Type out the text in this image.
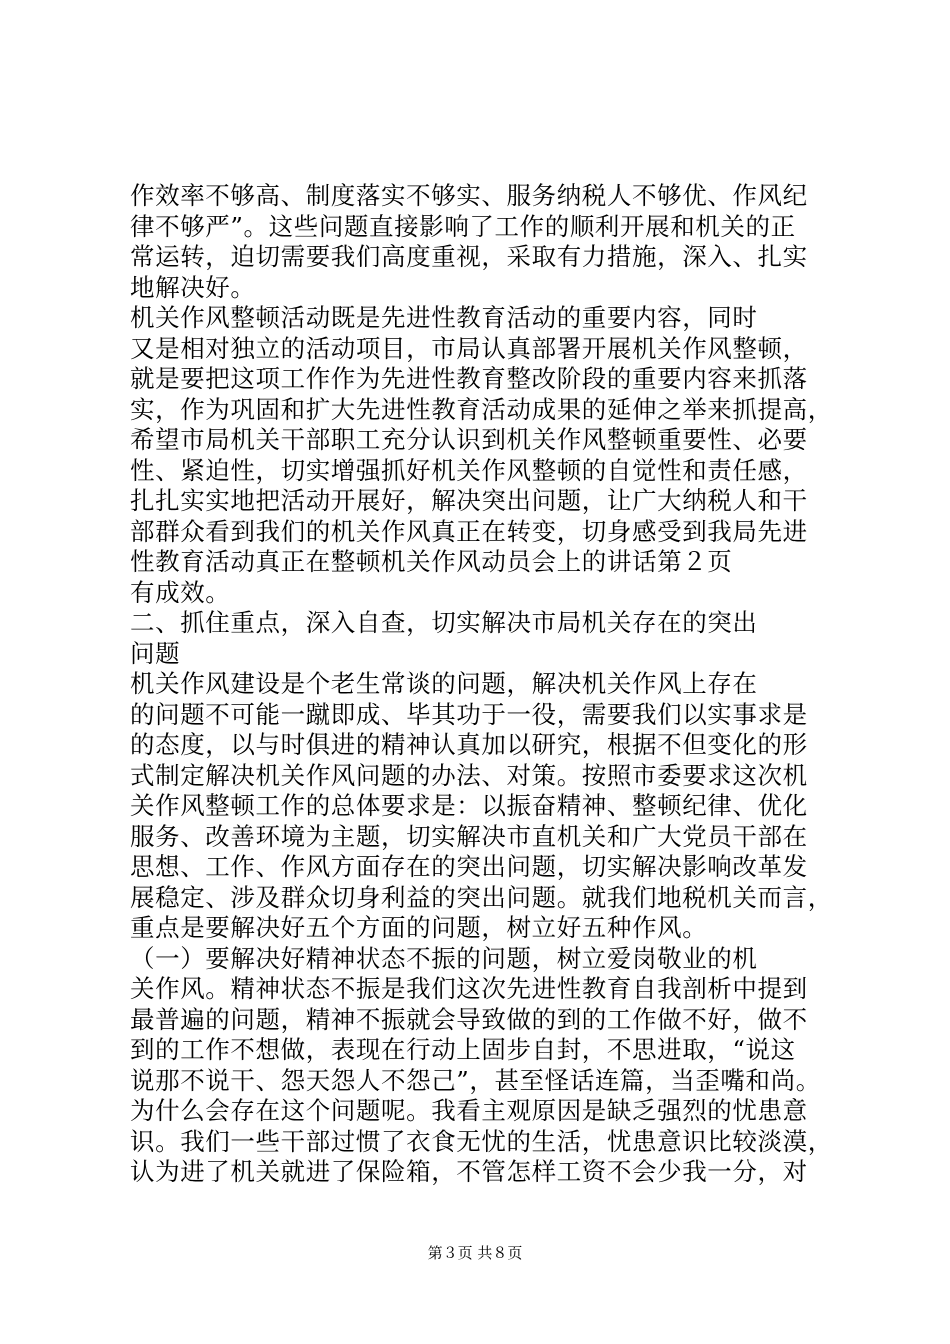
作效率不够高、制度落实不够实、服务纳税人不够优、作风纪
律不够严”。这些问题直接影响了工作的顺利开展和机关的正
常运转，迫切需要我们高度重视，采取有力措施，深入、扎实
地解决好。
机关作风整顿活动既是先进性教育活动的重要内容，同时
又是相对独立的活动项目，市局认真部署开展机关作风整顿，
就是要把这项工作作为先进性教育整改阶段的重要内容来抓落
实，作为巩固和扩大先进性教育活动成果的延伸之举来抓提高，
希望市局机关干部职工充分认识到机关作风整顿重要性、必要
性、紧迫性，切实增强抓好机关作风整顿的自觉性和责任感，
扎扎实实地把活动开展好，解决突出问题，让广大纳税人和干
部群众看到我们的机关作风真正在转变，切身感受到我局先进
性教育活动真正在整顿机关作风动员会上的讲话第２页
有成效。
二、抓住重点，深入自查，切实解决市局机关存在的突出
问题
机关作风建设是个老生常谈的问题，解决机关作风上存在
的问题不可能一蹴即成、毕其功于一役，需要我们以实事求是
的态度，以与时俱进的精神认真加以研究，根据不但变化的形
式制定解决机关作风问题的办法、对策。按照市委要求这次机
关作风整顿工作的总体要求是：以振奋精神、整顿纪律、优化
服务、改善环境为主题，切实解决市直机关和广大党员干部在
思想、工作、作风方面存在的突出问题，切实解决影响改革发
展稳定、涉及群众切身利益的突出问题。就我们地税机关而言，
重点是要解决好五个方面的问题，树立好五种作风。
（一）要解决好精神状态不振的问题，树立爱岗敬业的机
关作风。精神状态不振是我们这次先进性教育自我剖析中提到
最普遍的问题，精神不振就会导致做的到的工作做不好，做不
到的工作不想做，表现在行动上固步自封，不思进取，“说这
说那不说干、怨天怨人不怨己”，甚至怪话连篇，当歪嘴和尚。
为什么会存在这个问题呢。我看主观原因是缺乏强烈的忧患意
识。我们一些干部过惯了衣食无忧的生活，忧患意识比较淡漠，
认为进了机关就进了保险箱，不管怎样工资不会少我一分，对
第３页 共８页
